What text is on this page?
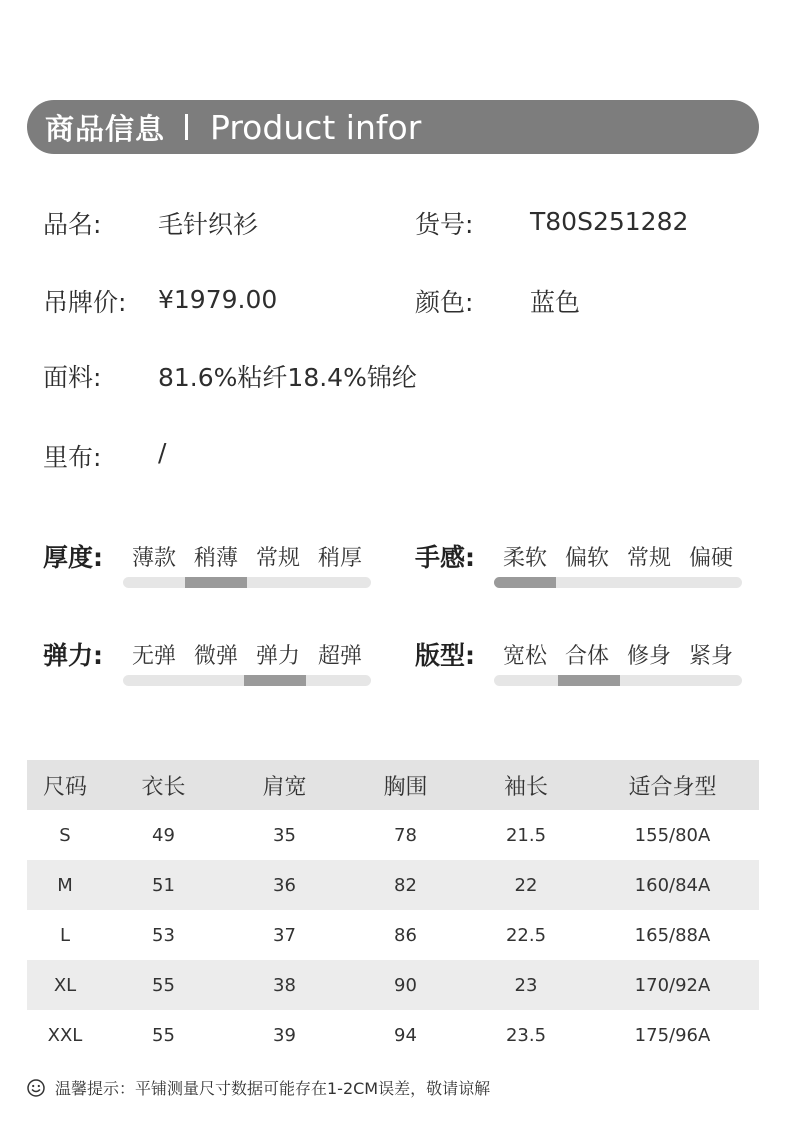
商品信息 Product infor
品名: 毛针织衫	货号: T80S251282
吊牌价: ¥1979.00	颜色: 蓝色
面料: 81.6%粘纤18.4%锦纶
里布: /
厚度:	薄款 稍薄 常规 稍厚	手感:	柔软 偏软 常规 偏硬
弹力:	无弹 微弹 弹力 超弹	版型:	宽松 合体 修身 紧身
尺码	衣长	肩宽	胸围	袖长	适合身型
S	49	35	78	21.5	155/80A
M	51	36	82	22	160/84A
L	53	37	86	22.5	165/88A
XL	55	38	90	23	170/92A
XXL	55	39	94	23.5	175/96A
温馨提示：平铺测量尺寸数据可能存在1-2CM误差，敬请谅解
